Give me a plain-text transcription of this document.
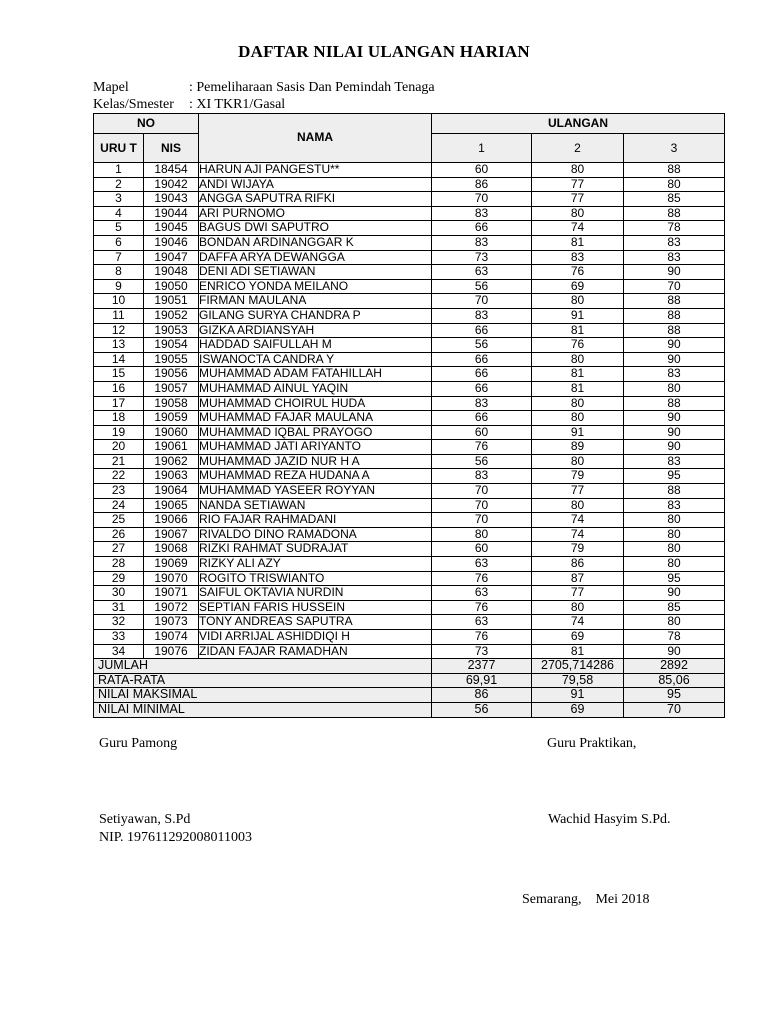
DAFTAR NILAI ULANGAN HARIAN
Mapel	: Pemeliharaan Sasis Dan Pemindah Tenaga
Kelas/Smester : XI TKR1/Gasal
NO		NAMA	ULANGAN		
URU T	NIS		1	2	3
1	18454	HARUN AJI PANGESTU**	60	80	88
2	19042	ANDI WIJAYA	86	77	80
3	19043	ANGGA SAPUTRA RIFKI	70	77	85
4	19044	ARI PURNOMO	83	80	88
5	19045	BAGUS DWI SAPUTRO	66	74	78
6	19046	BONDAN ARDINANGGAR K	83	81	83
7	19047	DAFFA ARYA DEWANGGA	73	83	83
8	19048	DENI ADI SETIAWAN	63	76	90
9	19050	ENRICO YONDA MEILANO	56	69	70
10	19051	FIRMAN MAULANA	70	80	88
11	19052	GILANG SURYA CHANDRA P	83	91	88
12	19053	GIZKA ARDIANSYAH	66	81	88
13	19054	HADDAD SAIFULLAH M	56	76	90
14	19055	ISWANOCTA CANDRA Y	66	80	90
15	19056	MUHAMMAD ADAM FATAHILLAH	66	81	83
16	19057	MUHAMMAD AINUL YAQIN	66	81	80
17	19058	MUHAMMAD CHOIRUL HUDA	83	80	88
18	19059	MUHAMMAD FAJAR MAULANA	66	80	90
19	19060	MUHAMMAD IQBAL PRAYOGO	60	91	90
20	19061	MUHAMMAD JATI ARIYANTO	76	89	90
21	19062	MUHAMMAD JAZID NUR H A	56	80	83
22	19063	MUHAMMAD REZA HUDANA A	83	79	95
23	19064	MUHAMMAD YASEER ROYYAN	70	77	88
24	19065	NANDA SETIAWAN	70	80	83
25	19066	RIO FAJAR RAHMADANI	70	74	80
26	19067	RIVALDO DINO RAMADONA	80	74	80
27	19068	RIZKI RAHMAT SUDRAJAT	60	79	80
28	19069	RIZKY ALI AZY	63	86	80
29	19070	ROGITO TRISWIANTO	76	87	95
30	19071	SAIFUL OKTAVIA NURDIN	63	77	90
31	19072	SEPTIAN FARIS HUSSEIN	76	80	85
32	19073	TONY ANDREAS SAPUTRA	63	74	80
33	19074	VIDI ARRIJAL ASHIDDIQI H	76	69	78
34	19076	ZIDAN FAJAR RAMADHAN	73	81	90
JUMLAH			2377	2705,714286	2892
RATA-RATA			69,91	79,58	85,06
NILAI MAKSIMAL			86	91	95
NILAI MINIMAL			56	69	70
Guru Pamong	Guru Praktikan,
Setiyawan, S.Pd
NIP. 197611292008011003
Wachid Hasyim S.Pd.
Semarang, Mei 2018
